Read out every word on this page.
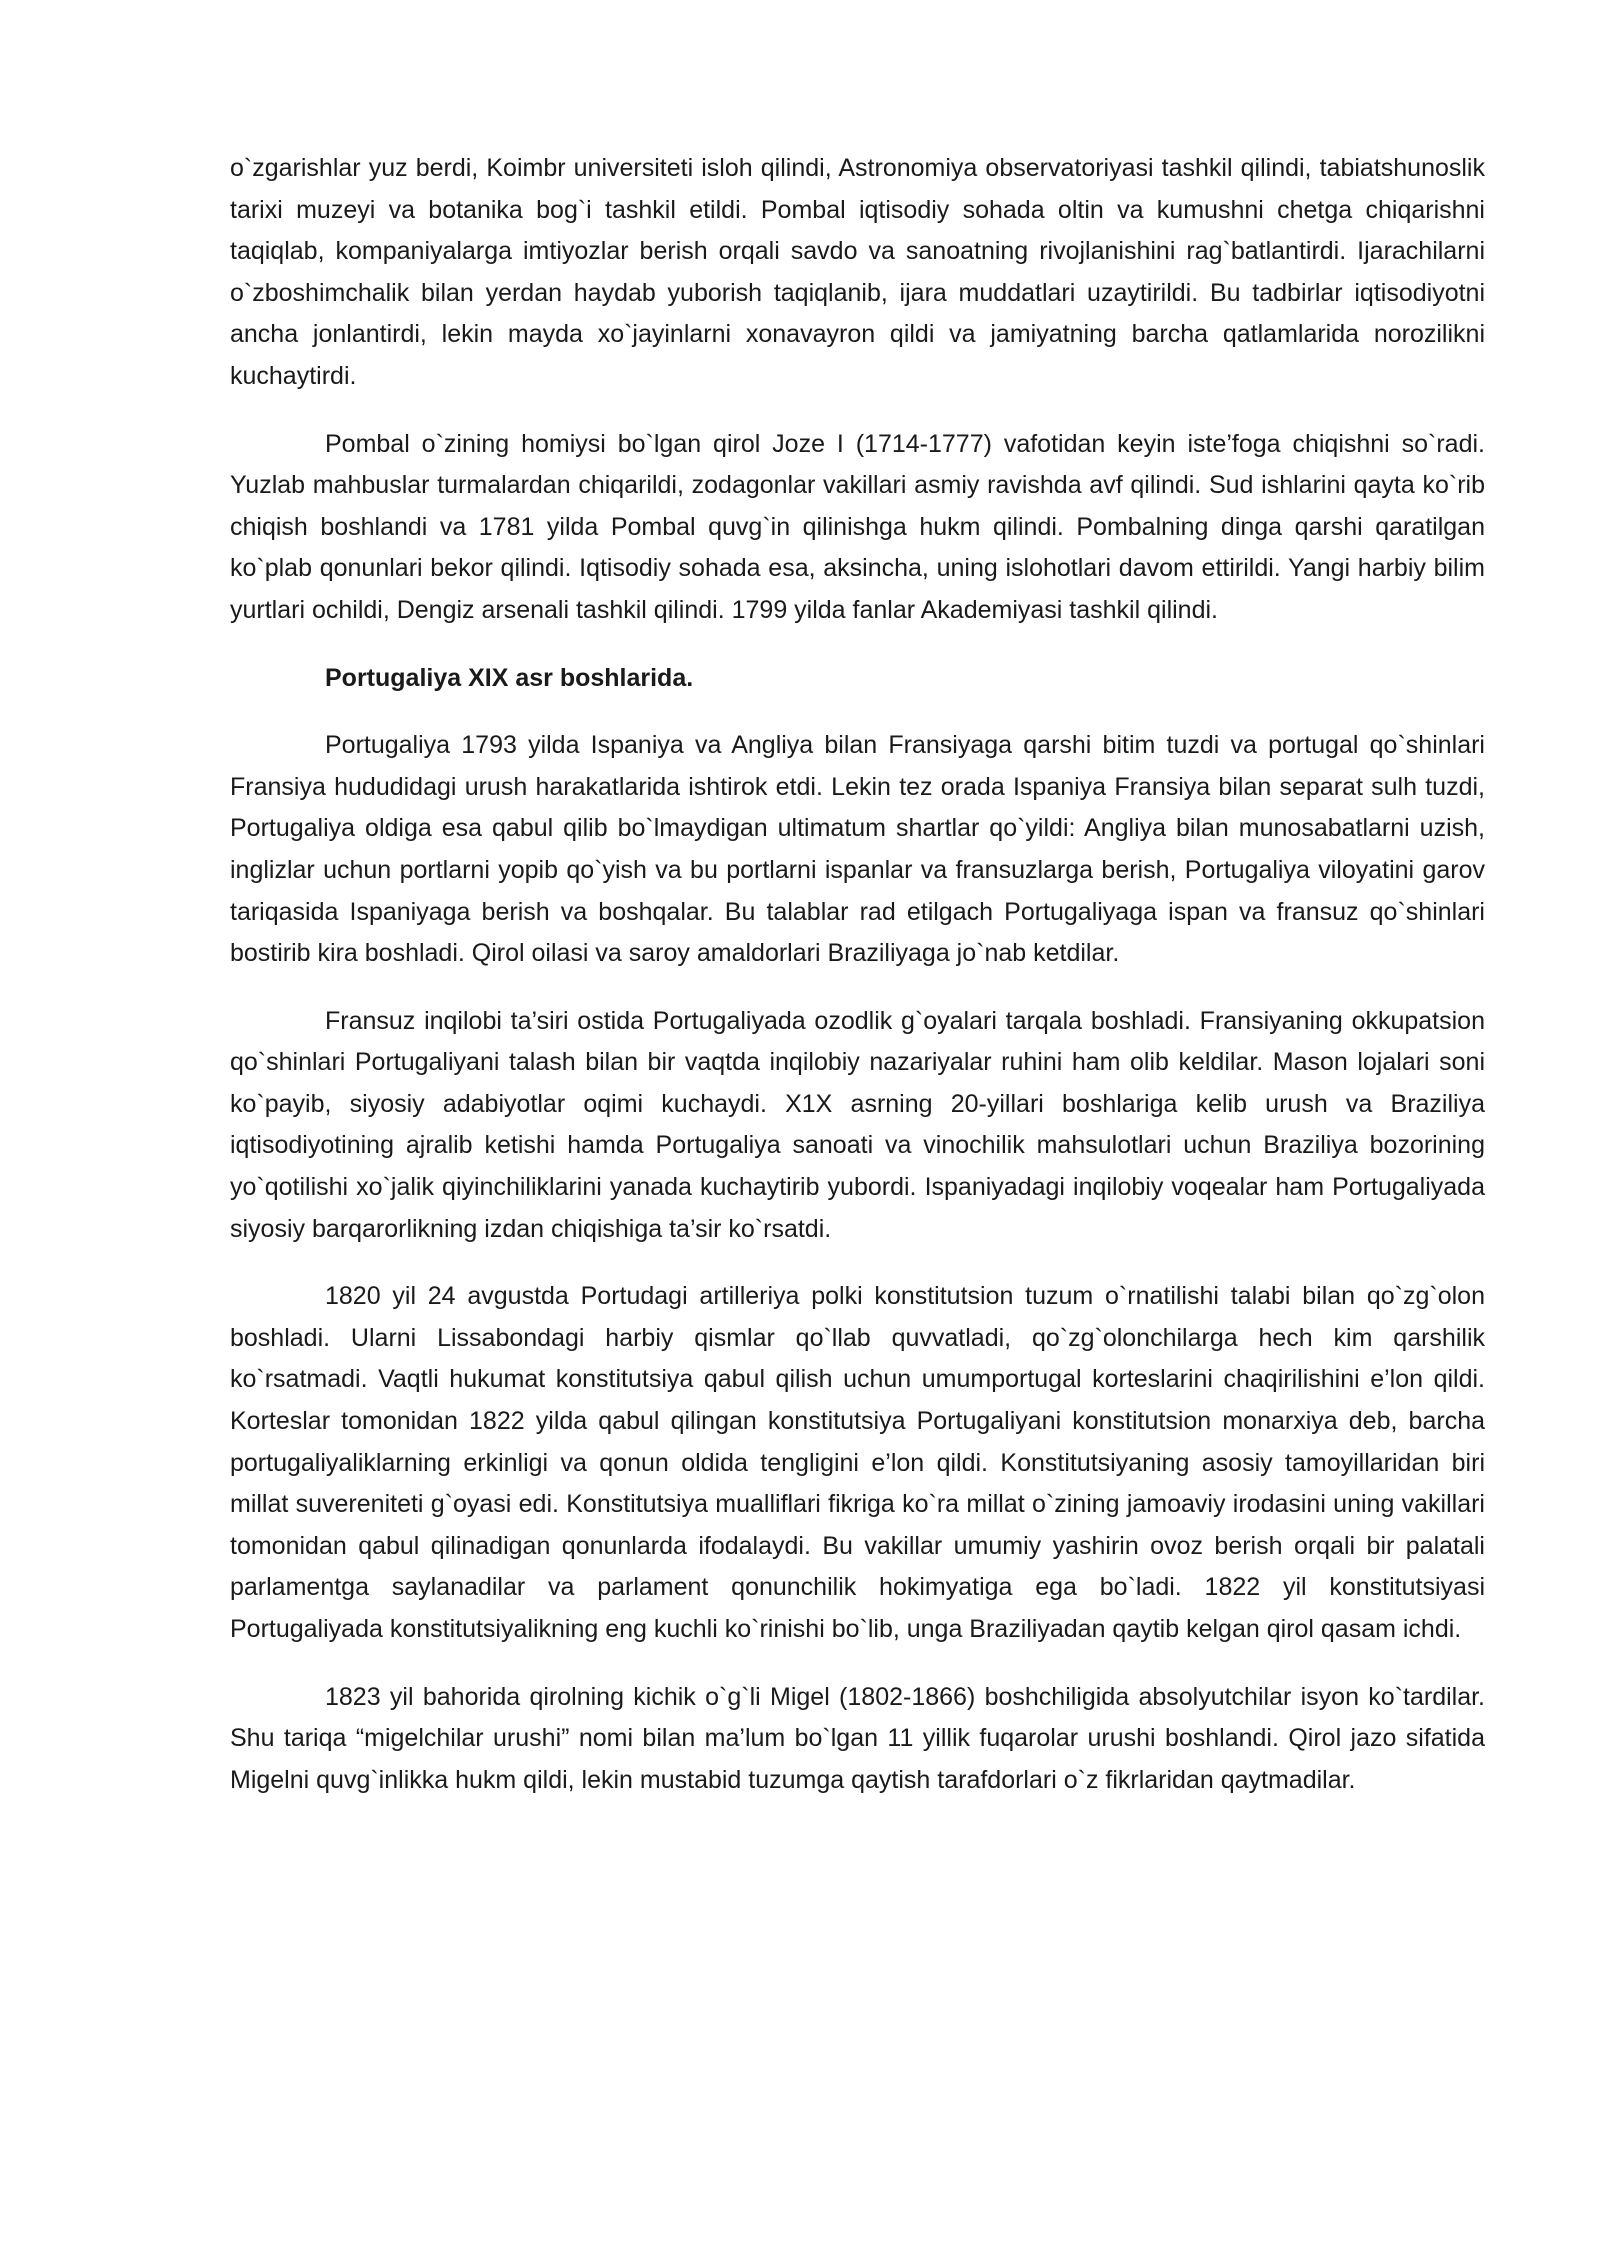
o`zgarishlar yuz berdi, Koimbr universiteti isloh qilindi, Astronomiya observatoriyasi tashkil qilindi, tabiatshunoslik tarixi muzeyi va botanika bog`i tashkil etildi. Pombal iqtisodiy sohada oltin va kumushni chetga chiqarishni taqiqlab, kompaniyalarga imtiyozlar berish orqali savdo va sanoatning rivojlanishini rag`batlantirdi. Ijarachilarni o`zboshimchalik bilan yerdan haydab yuborish taqiqlanib, ijara muddatlari uzaytirildi. Bu tadbirlar iqtisodiyotni ancha jonlantirdi, lekin mayda xo`jayinlarni xonavayron qildi va jamiyatning barcha qatlamlarida norozilikni kuchaytirdi.

Pombal o`zining homiysi bo`lgan qirol Joze I (1714-1777) vafotidan keyin iste’foga chiqishni so`radi. Yuzlab mahbuslar turmalardan chiqarildi, zodagonlar vakillari asmiy ravishda avf qilindi. Sud ishlarini qayta ko`rib chiqish boshlandi va 1781 yilda Pombal quvg`in qilinishga hukm qilindi. Pombalning dinga qarshi qaratilgan ko`plab qonunlari bekor qilindi. Iqtisodiy sohada esa, aksincha, uning islohotlari davom ettirildi. Yangi harbiy bilim yurtlari ochildi, Dengiz arsenali tashkil qilindi. 1799 yilda fanlar Akademiyasi tashkil qilindi.

Portugaliya XIX asr boshlarida.

Portugaliya 1793 yilda Ispaniya va Angliya bilan Fransiyaga qarshi bitim tuzdi va portugal qo`shinlari Fransiya hududidagi urush harakatlarida ishtirok etdi. Lekin tez orada Ispaniya Fransiya bilan separat sulh tuzdi, Portugaliya oldiga esa qabul qilib bo`lmaydigan ultimatum shartlar qo`yildi: Angliya bilan munosabatlarni uzish, inglizlar uchun portlarni yopib qo`yish va bu portlarni ispanlar va fransuzlarga berish, Portugaliya viloyatini garov tariqasida Ispaniyaga berish va boshqalar. Bu talablar rad etilgach Portugaliyaga ispan va fransuz qo`shinlari bostirib kira boshladi. Qirol oilasi va saroy amaldorlari Braziliyaga jo`nab ketdilar.

Fransuz inqilobi ta’siri ostida Portugaliyada ozodlik g`oyalari tarqala boshladi. Fransiyaning okkupatsion qo`shinlari Portugaliyani talash bilan bir vaqtda inqilobiy nazariyalar ruhini ham olib keldilar. Mason lojalari soni ko`payib, siyosiy adabiyotlar oqimi kuchaydi. X1X asrning 20-yillari boshlariga kelib urush va Braziliya iqtisodiyotining ajralib ketishi hamda Portugaliya sanoati va vinochilik mahsulotlari uchun Braziliya bozorining yo`qotilishi xo`jalik qiyinchiliklarini yanada kuchaytirib yubordi. Ispaniyadagi inqilobiy voqealar ham Portugaliyada siyosiy barqarorlikning izdan chiqishiga ta’sir ko`rsatdi.

1820 yil 24 avgustda Portudagi artilleriya polki konstitutsion tuzum o`rnatilishi talabi bilan qo`zg`olon boshladi. Ularni Lissabondagi harbiy qismlar qo`llab quvvatladi, qo`zg`olonchilarga hech kim qarshilik ko`rsatmadi. Vaqtli hukumat konstitutsiya qabul qilish uchun umumportugal korteslarini chaqirilishini e’lon qildi. Korteslar tomonidan 1822 yilda qabul qilingan konstitutsiya Portugaliyani konstitutsion monarxiya deb, barcha portugaliyaliklarning erkinligi va qonun oldida tengligini e’lon qildi. Konstitutsiyaning asosiy tamoyillaridan biri millat suvereniteti g`oyasi edi. Konstitutsiya mualliflari fikriga ko`ra millat o`zining jamoaviy irodasini uning vakillari tomonidan qabul qilinadigan qonunlarda ifodalaydi. Bu vakillar umumiy yashirin ovoz berish orqali bir palatali parlamentga saylanadilar va parlament qonunchilik hokimyatiga ega bo`ladi. 1822 yil konstitutsiyasi Portugaliyada konstitutsiyalikning eng kuchli ko`rinishi bo`lib, unga Braziliyadan qaytib kelgan qirol qasam ichdi.

1823 yil bahorida qirolning kichik o`g`li Migel (1802-1866) boshchiligida absolyutchilar isyon ko`tardilar. Shu tariqa “migelchilar urushi” nomi bilan ma’lum bo`lgan 11 yillik fuqarolar urushi boshlandi. Qirol jazo sifatida Migelni quvg`inlikka hukm qildi, lekin mustabid tuzumga qaytish tarafdorlari o`z fikrlaridan qaytmadilar.
